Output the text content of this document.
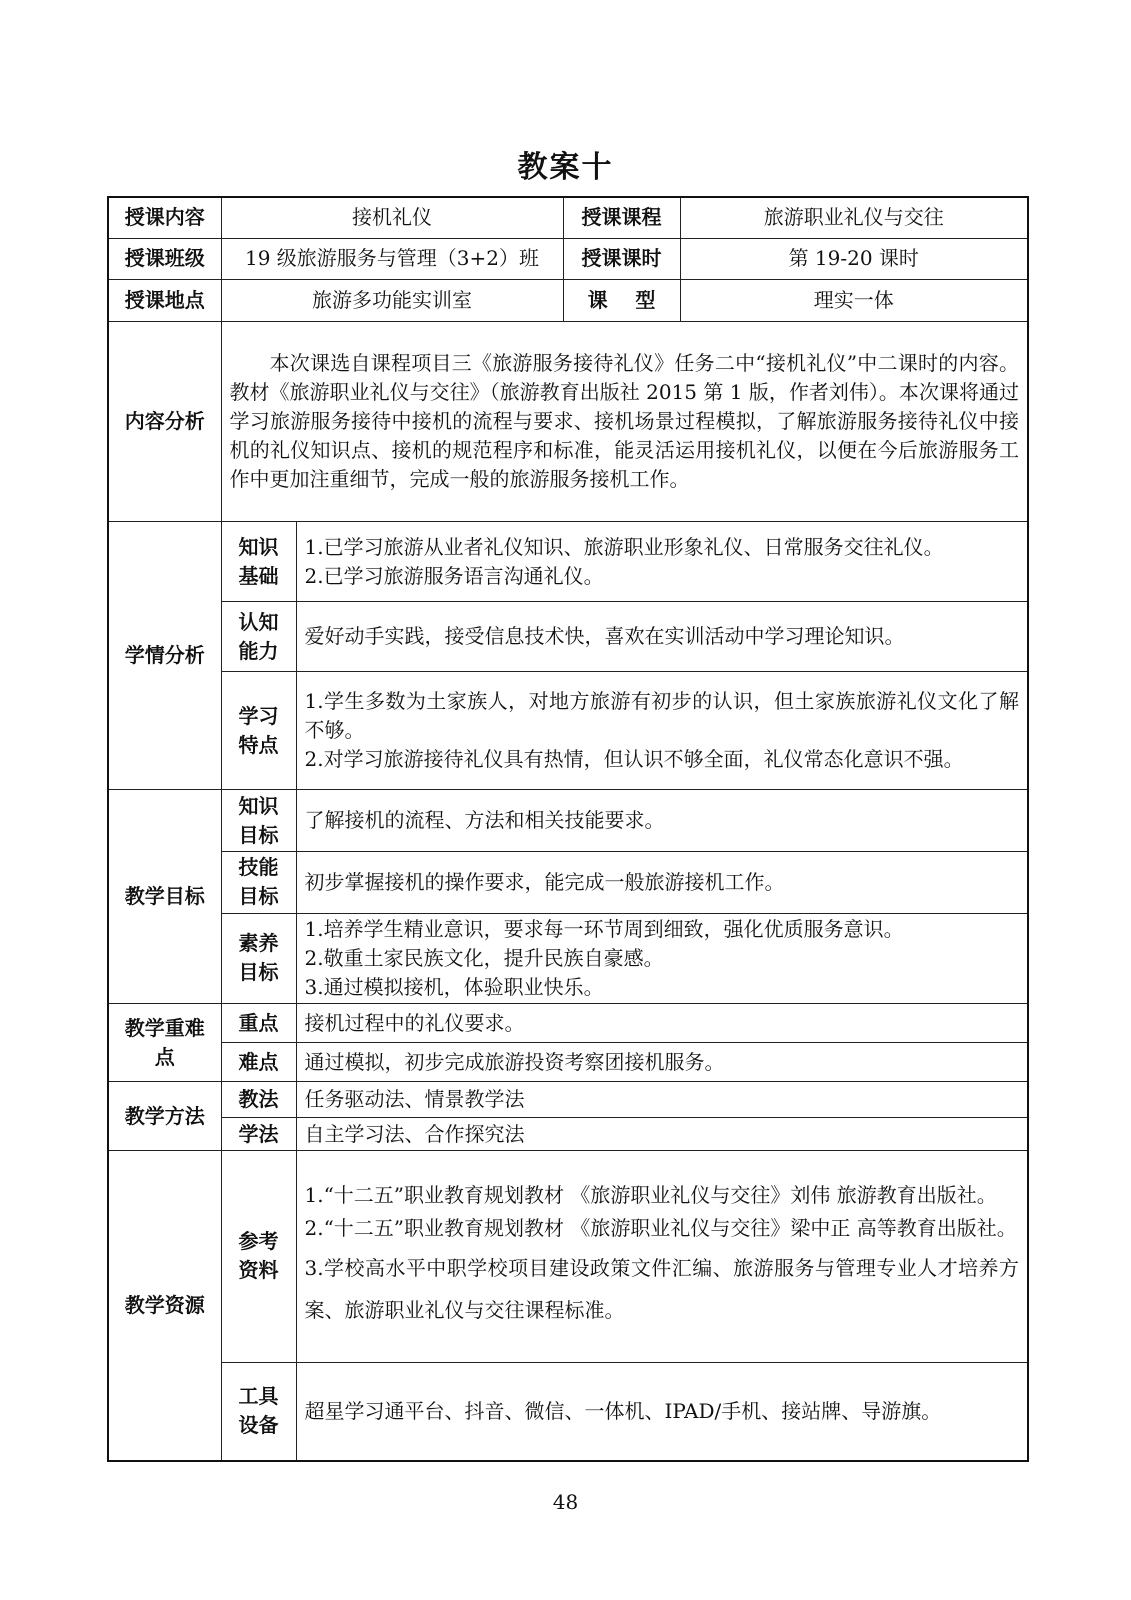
教案十
授课内容	接机礼仪		授课课程	旅游职业礼仪与交往
授课班级	19 级旅游服务与管理（3+2）班		授课课时	第 19-20 课时
授课地点	旅游多功能实训室		课    型	理实一体
内容分析	本次课选自课程项目三《旅游服务接待礼仪》任务二中“接机礼仪”中二课时的内容。教材《旅游职业礼仪与交往》（旅游教育出版社 2015 第 1 版，作者刘伟）。本次课将通过学习旅游服务接待中接机的流程与要求、接机场景过程模拟，了解旅游服务接待礼仪中接机的礼仪知识点、接机的规范程序和标准，能灵活运用接机礼仪，以便在今后旅游服务工作中更加注重细节，完成一般的旅游服务接机工作。			
学情分析	知识基础	1.已学习旅游从业者礼仪知识、旅游职业形象礼仪、日常服务交往礼仪。
2.已学习旅游服务语言沟通礼仪。		

	认知能力	爱好动手实践，接受信息技术快，喜欢在实训活动中学习理论知识。		

	学习特点	1.学生多数为土家族人，对地方旅游有初步的认识，但土家族旅游礼仪文化了解不够。
2.对学习旅游接待礼仪具有热情，但认识不够全面，礼仪常态化意识不强。		

教学目标	知识目标	了解接机的流程、方法和相关技能要求。		
	技能目标	初步掌握接机的操作要求，能完成一般旅游接机工作。		
	素养目标	1.培养学生精业意识，要求每一环节周到细致，强化优质服务意识。
2.敬重土家民族文化，提升民族自豪感。
3.通过模拟接机，体验职业快乐。		

教学重难点	重点	接机过程中的礼仪要求。		
	难点	通过模拟，初步完成旅游投资考察团接机服务。		
教学方法	教法	任务驱动法、情景教学法		
	学法	自主学习法、合作探究法		
教学资源	参考资料	1.“十二五”职业教育规划教材 《旅游职业礼仪与交往》刘伟 旅游教育出版社。
2.“十二五”职业教育规划教材 《旅游职业礼仪与交往》梁中正 高等教育出版社。
3.学校高水平中职学校项目建设政策文件汇编、旅游服务与管理专业人才培养方案、旅游职业礼仪与交往课程标准。		

	工具设备	超星学习通平台、抖音、微信、一体机、IPAD/手机、接站牌、导游旗。		
48
